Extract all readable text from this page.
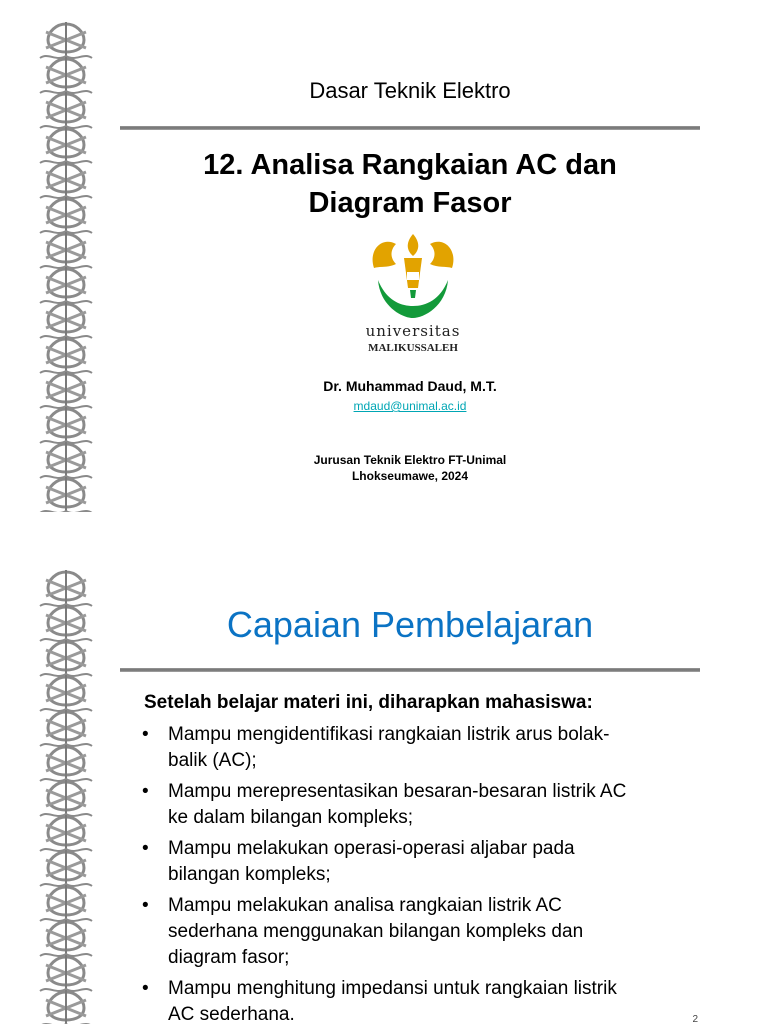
Dasar Teknik Elektro
12. Analisa Rangkaian AC dan
Diagram Fasor
universitas
MALIKUSSALEH
Dr. Muhammad Daud, M.T.
mdaud@unimal.ac.id
Jurusan Teknik Elektro FT-Unimal
Lhokseumawe, 2024
Capaian Pembelajaran
Setelah belajar materi ini, diharapkan mahasiswa:
• Mampu mengidentifikasi rangkaian listrik arus bolak-
balik (AC);
• Mampu merepresentasikan besaran-besaran listrik AC
ke dalam bilangan kompleks;
• Mampu melakukan operasi-operasi aljabar pada
bilangan kompleks;
• Mampu melakukan analisa rangkaian listrik AC
sederhana menggunakan bilangan kompleks dan
diagram fasor;
• Mampu menghitung impedansi untuk rangkaian listrik
AC sederhana.	2
